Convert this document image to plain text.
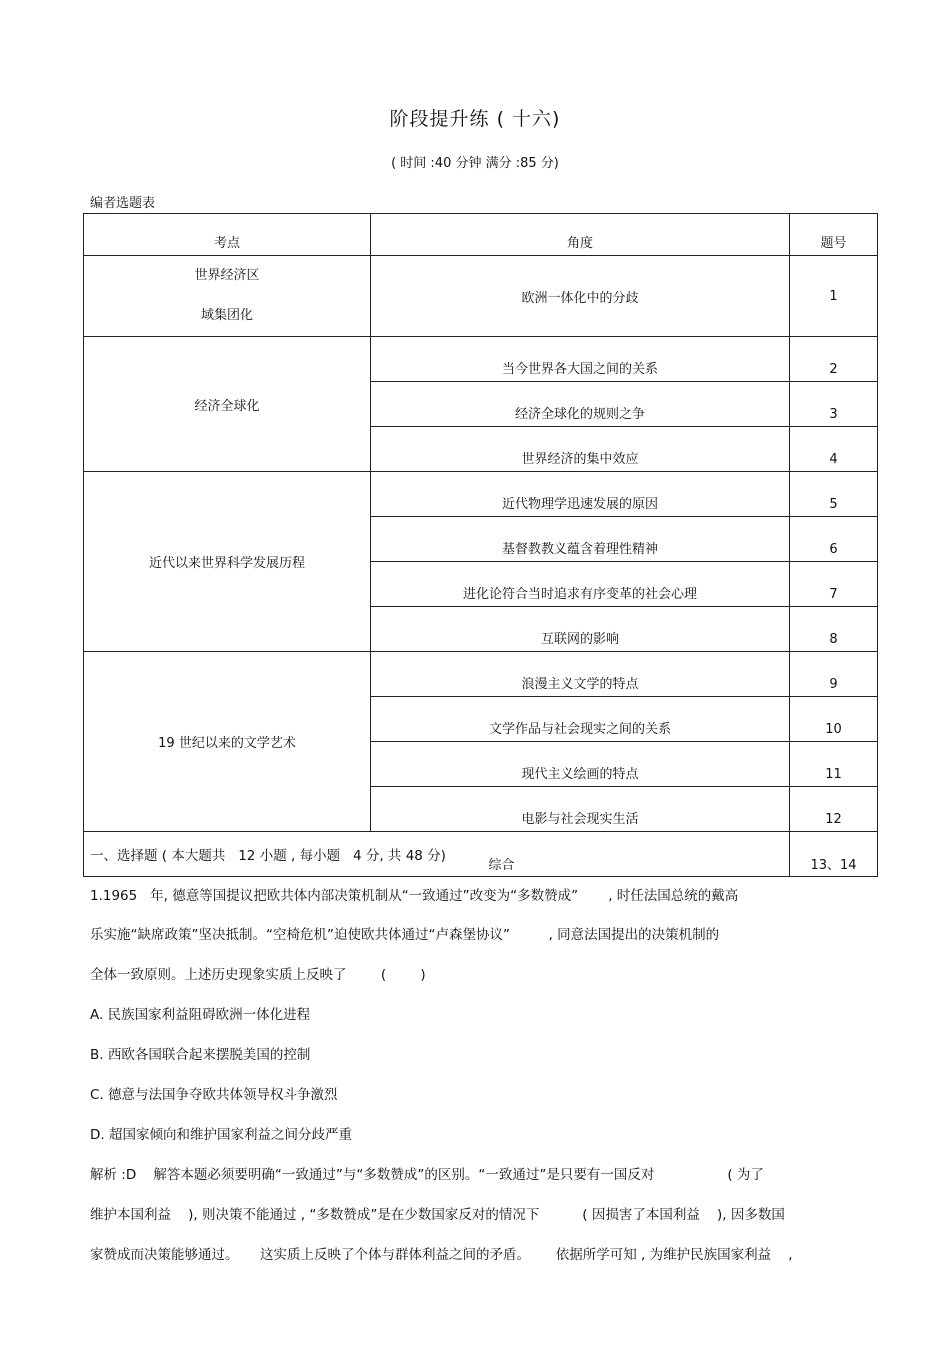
阶段提升练 ( 十六)
( 时间 :40 分钟 满分 :85 分)
编者选题表
考点	角度	题号

世界经济区
域集团化	欧洲一体化中的分歧	1
经济全球化	当今世界各大国之间的关系	2
	经济全球化的规则之争	3
	世界经济的集中效应	4
近代以来世界科学发展历程	近代物理学迅速发展的原因	5
	基督教教义蕴含着理性精神	6
	进化论符合当时追求有序变革的社会心理	7
	互联网的影响	8
19 世纪以来的文学艺术	浪漫主义文学的特点	9
	文学作品与社会现实之间的关系	10
	现代主义绘画的特点	11
	电影与社会现实生活	12
综合		13、14
一、选择题 ( 本大题共   12 小题 , 每小题   4 分, 共 48 分)
1.1965   年, 德意等国提议把欧共体内部决策机制从“一致通过”改变为“多数赞成”       , 时任法国总统的戴高
乐实施“缺席政策”坚决抵制。“空椅危机”迫使欧共体通过“卢森堡协议”         , 同意法国提出的决策机制的
全体一致原则。上述历史现象实质上反映了        (        )
A. 民族国家利益阻碍欧洲一体化进程
B. 西欧各国联合起来摆脱美国的控制
C. 德意与法国争夺欧共体领导权斗争激烈
D. 超国家倾向和维护国家利益之间分歧严重
解析 :D    解答本题必须要明确“一致通过”与“多数赞成”的区别。“一致通过”是只要有一国反对                 ( 为了
维护本国利益    ), 则决策不能通过 , “多数赞成”是在少数国家反对的情况下          ( 因损害了本国利益    ), 因多数国
家赞成而决策能够通过。     这实质上反映了个体与群体利益之间的矛盾。      依据所学可知 , 为维护民族国家利益    ,
